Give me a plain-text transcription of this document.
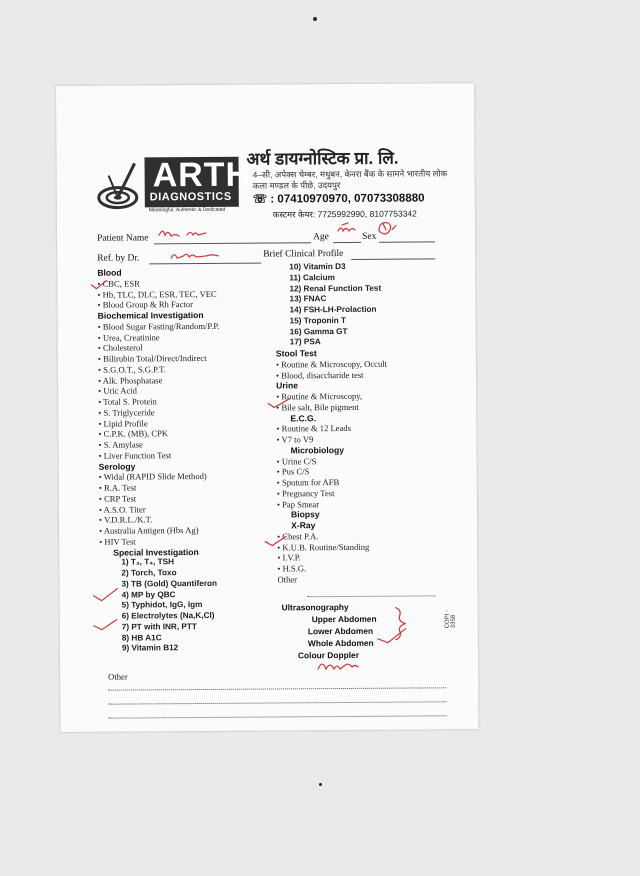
ARTH
DIAGNOSTICS
Meaningful, Authentic & Dedicated
अर्थ डायग्नोस्टिक प्रा. लि.
4–सी, अपेक्स चेम्बर, मधुबन, केनरा बैंक के सामने भारतीय लोक कला मण्डल के पीछे, उदयपुर
☏ : 07410970970, 07073308880
कस्टमर केयर: 7725992990, 8107753342
Patient Name	Age	Sex
Ref. by Dr.	Brief Clinical Profile
Blood
• CBC, ESR
• Hb, TLC, DLC, ESR, TEC, VEC
• Blood Group & Rh Factor
Biochemical Investigation
• Blood Sugar Fasting/Random/P.P.
• Urea, Creatinine
• Cholesterol
• Bilirubin Total/Direct/Indirect
• S.G.O.T., S.G.P.T.
• Alk. Phosphatase
• Uric Acid
• Total S. Protein
• S. Triglyceride
• Lipid Profile
• C.P.K. (MB), CPK
• S. Amylase
• Liver Function Test
Serology
• Widal (RAPID Slide Method)
• R.A. Test
• CRP Test
• A.S.O. Titer
• V.D.R.L./K.T.
• Australia Antigen (Hbs Ag)
• HIV Test
Special Investigation
1) T₃, T₄, TSH
2) Torch, Toxo
3) TB (Gold) Quantiferon
4) MP by QBC
5) Typhidot, IgG, Igm
6) Electrolytes (Na,K,Cl)
7) PT with INR, PTT
8) HB A1C
9) Vitamin B12
10) Vitamin D3
11) Calcium
12) Renal Function Test
13) FNAC
14) FSH-LH-Prolaction
15) Troponin T
16) Gamma GT
17) PSA
Stool Test
• Routine & Microscopy, Occult
• Blood, disaccharide test
Urine
• Routine & Microscopy,
• Bile salt, Bile pigment
E.C.G.
• Routine & 12 Leads
• V7 to V9
Microbiology
• Urine C/S
• Pus C/S
• Sputum for AFB
• Pregnancy Test
• Pap Smear
Biopsy
X-Ray
• Chest P.A.
• K.U.B. Routine/Standing
• I.V.P.
• H.S.G.
Other
Ultrasonography
Upper Abdomen
Lower Abdomen
Whole Abdomen
Colour Doppler
COPI - 3358
Other
